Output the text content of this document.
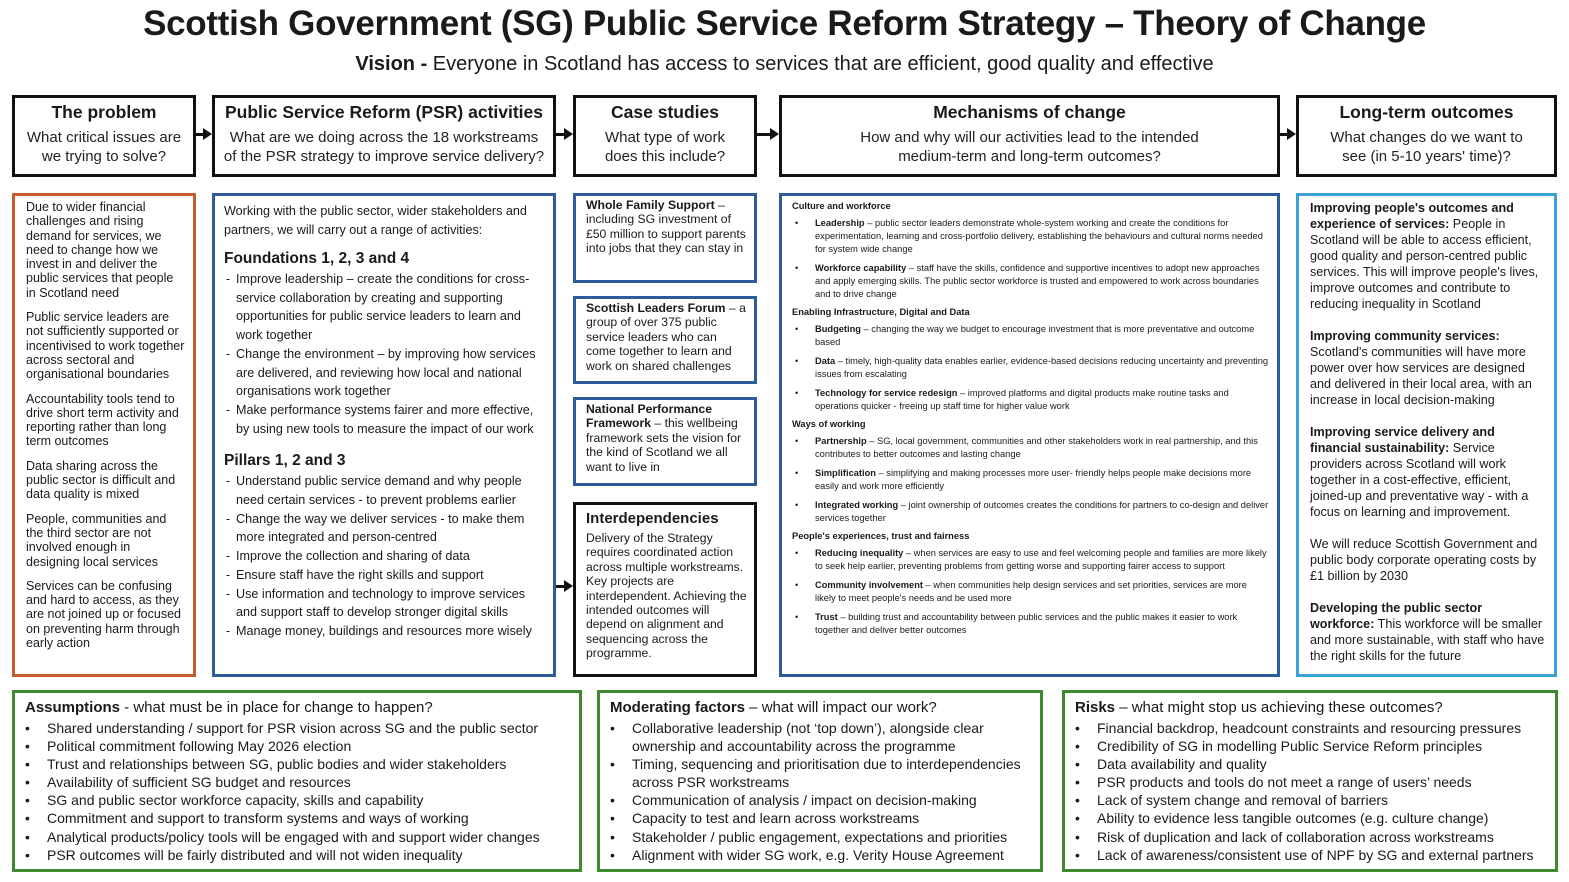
Scottish Government (SG) Public Service Reform Strategy – Theory of Change
Vision - Everyone in Scotland has access to services that are efficient, good quality and effective
The problem
What critical issues are we trying to solve?
Public Service Reform (PSR) activities
What are we doing across the 18 workstreams of the PSR strategy to improve service delivery?
Case studies
What type of work does this include?
Mechanisms of change
How and why will our activities lead to the intended medium-term and long-term outcomes?
Long-term outcomes
What changes do we want to see (in 5-10 years' time)?

Due to wider financial challenges and rising demand for services, we need to change how we invest in and deliver the public services that people in Scotland need

Public service leaders are not sufficiently supported or incentivised to work together across sectoral and organisational boundaries

Accountability tools tend to drive short term activity and reporting rather than long term outcomes

Data sharing across the public sector is difficult and data quality is mixed

People, communities and the third sector are not involved enough in designing local services

Services can be confusing and hard to access, as they are not joined up or focused on preventing harm through early action

Working with the public sector, wider stakeholders and partners, we will carry out a range of activities:
Foundations 1, 2, 3 and 4
- Improve leadership – create the conditions for cross-service collaboration by creating and supporting opportunities for public service leaders to learn and work together
- Change the environment – by improving how services are delivered, and reviewing how local and national organisations work together
- Make performance systems fairer and more effective, by using new tools to measure the impact of our work
Pillars 1, 2 and 3
- Understand public service demand and why people need certain services - to prevent problems earlier
- Change the way we deliver services - to make them more integrated and person-centred
- Improve the collection and sharing of data
- Ensure staff have the right skills and support
- Use information and technology to improve services and support staff to develop stronger digital skills
- Manage money, buildings and resources more wisely
Whole Family Support – including SG investment of £50 million to support parents into jobs that they can stay in
Scottish Leaders Forum – a group of over 375 public service leaders who can come together to learn and work on shared challenges
National Performance Framework – this wellbeing framework sets the vision for the kind of Scotland we all want to live in
Interdependencies
Delivery of the Strategy requires coordinated action across multiple workstreams. Key projects are interdependent. Achieving the intended outcomes will depend on alignment and sequencing across the programme.
Culture and workforce
• Leadership – public sector leaders demonstrate whole-system working and create the conditions for experimentation, learning and cross-portfolio delivery, establishing the behaviours and cultural norms needed for system wide change
• Workforce capability – staff have the skills, confidence and supportive incentives to adopt new approaches and apply emerging skills. The public sector workforce is trusted and empowered to work across boundaries and to drive change
Enabling Infrastructure, Digital and Data
• Budgeting – changing the way we budget to encourage investment that is more preventative and outcome based
• Data – timely, high-quality data enables earlier, evidence-based decisions reducing uncertainty and preventing issues from escalating
• Technology for service redesign – improved platforms and digital products make routine tasks and operations quicker - freeing up staff time for higher value work
Ways of working
• Partnership – SG, local government, communities and other stakeholders work in real partnership, and this contributes to better outcomes and lasting change
• Simplification – simplifying and making processes more user- friendly helps people make decisions more easily and work more efficiently
• Integrated working – joint ownership of outcomes creates the conditions for partners to co-design and deliver services together
People's experiences, trust and fairness
• Reducing inequality – when services are easy to use and feel welcoming people and families are more likely to seek help earlier, preventing problems from getting worse and supporting fairer access to support
• Community involvement – when communities help design services and set priorities, services are more likely to meet people's needs and be used more
• Trust – building trust and accountability between public services and the public makes it easier to work together and deliver better outcomes

Improving people's outcomes and experience of services: People in Scotland will be able to access efficient, good quality and person-centred public services. This will improve people's lives, improve outcomes and contribute to reducing inequality in Scotland

Improving community services: Scotland's communities will have more power over how services are designed and delivered in their local area, with an increase in local decision-making

Improving service delivery and financial sustainability: Service providers across Scotland will work together in a cost-effective, efficient, joined-up and preventative way - with a focus on learning and improvement.

We will reduce Scottish Government and public body corporate operating costs by £1 billion by 2030

Developing the public sector workforce: This workforce will be smaller and more sustainable, with staff who have the right skills for the future

Assumptions - what must be in place for change to happen?
• Shared understanding / support for PSR vision across SG and the public sector
• Political commitment following May 2026 election
• Trust and relationships between SG, public bodies and wider stakeholders
• Availability of sufficient SG budget and resources
• SG and public sector workforce capacity, skills and capability
• Commitment and support to transform systems and ways of working
• Analytical products/policy tools will be engaged with and support wider changes
• PSR outcomes will be fairly distributed and will not widen inequality
Moderating factors – what will impact our work?
• Collaborative leadership (not ‘top down’), alongside clear ownership and accountability across the programme
• Timing, sequencing and prioritisation due to interdependencies across PSR workstreams
• Communication of analysis / impact on decision-making
• Capacity to test and learn across workstreams
• Stakeholder / public engagement, expectations and priorities
• Alignment with wider SG work, e.g. Verity House Agreement
Risks – what might stop us achieving these outcomes?
• Financial backdrop, headcount constraints and resourcing pressures
• Credibility of SG in modelling Public Service Reform principles
• Data availability and quality
• PSR products and tools do not meet a range of users’ needs
• Lack of system change and removal of barriers
• Ability to evidence less tangible outcomes (e.g. culture change)
• Risk of duplication and lack of collaboration across workstreams
• Lack of awareness/consistent use of NPF by SG and external partners
